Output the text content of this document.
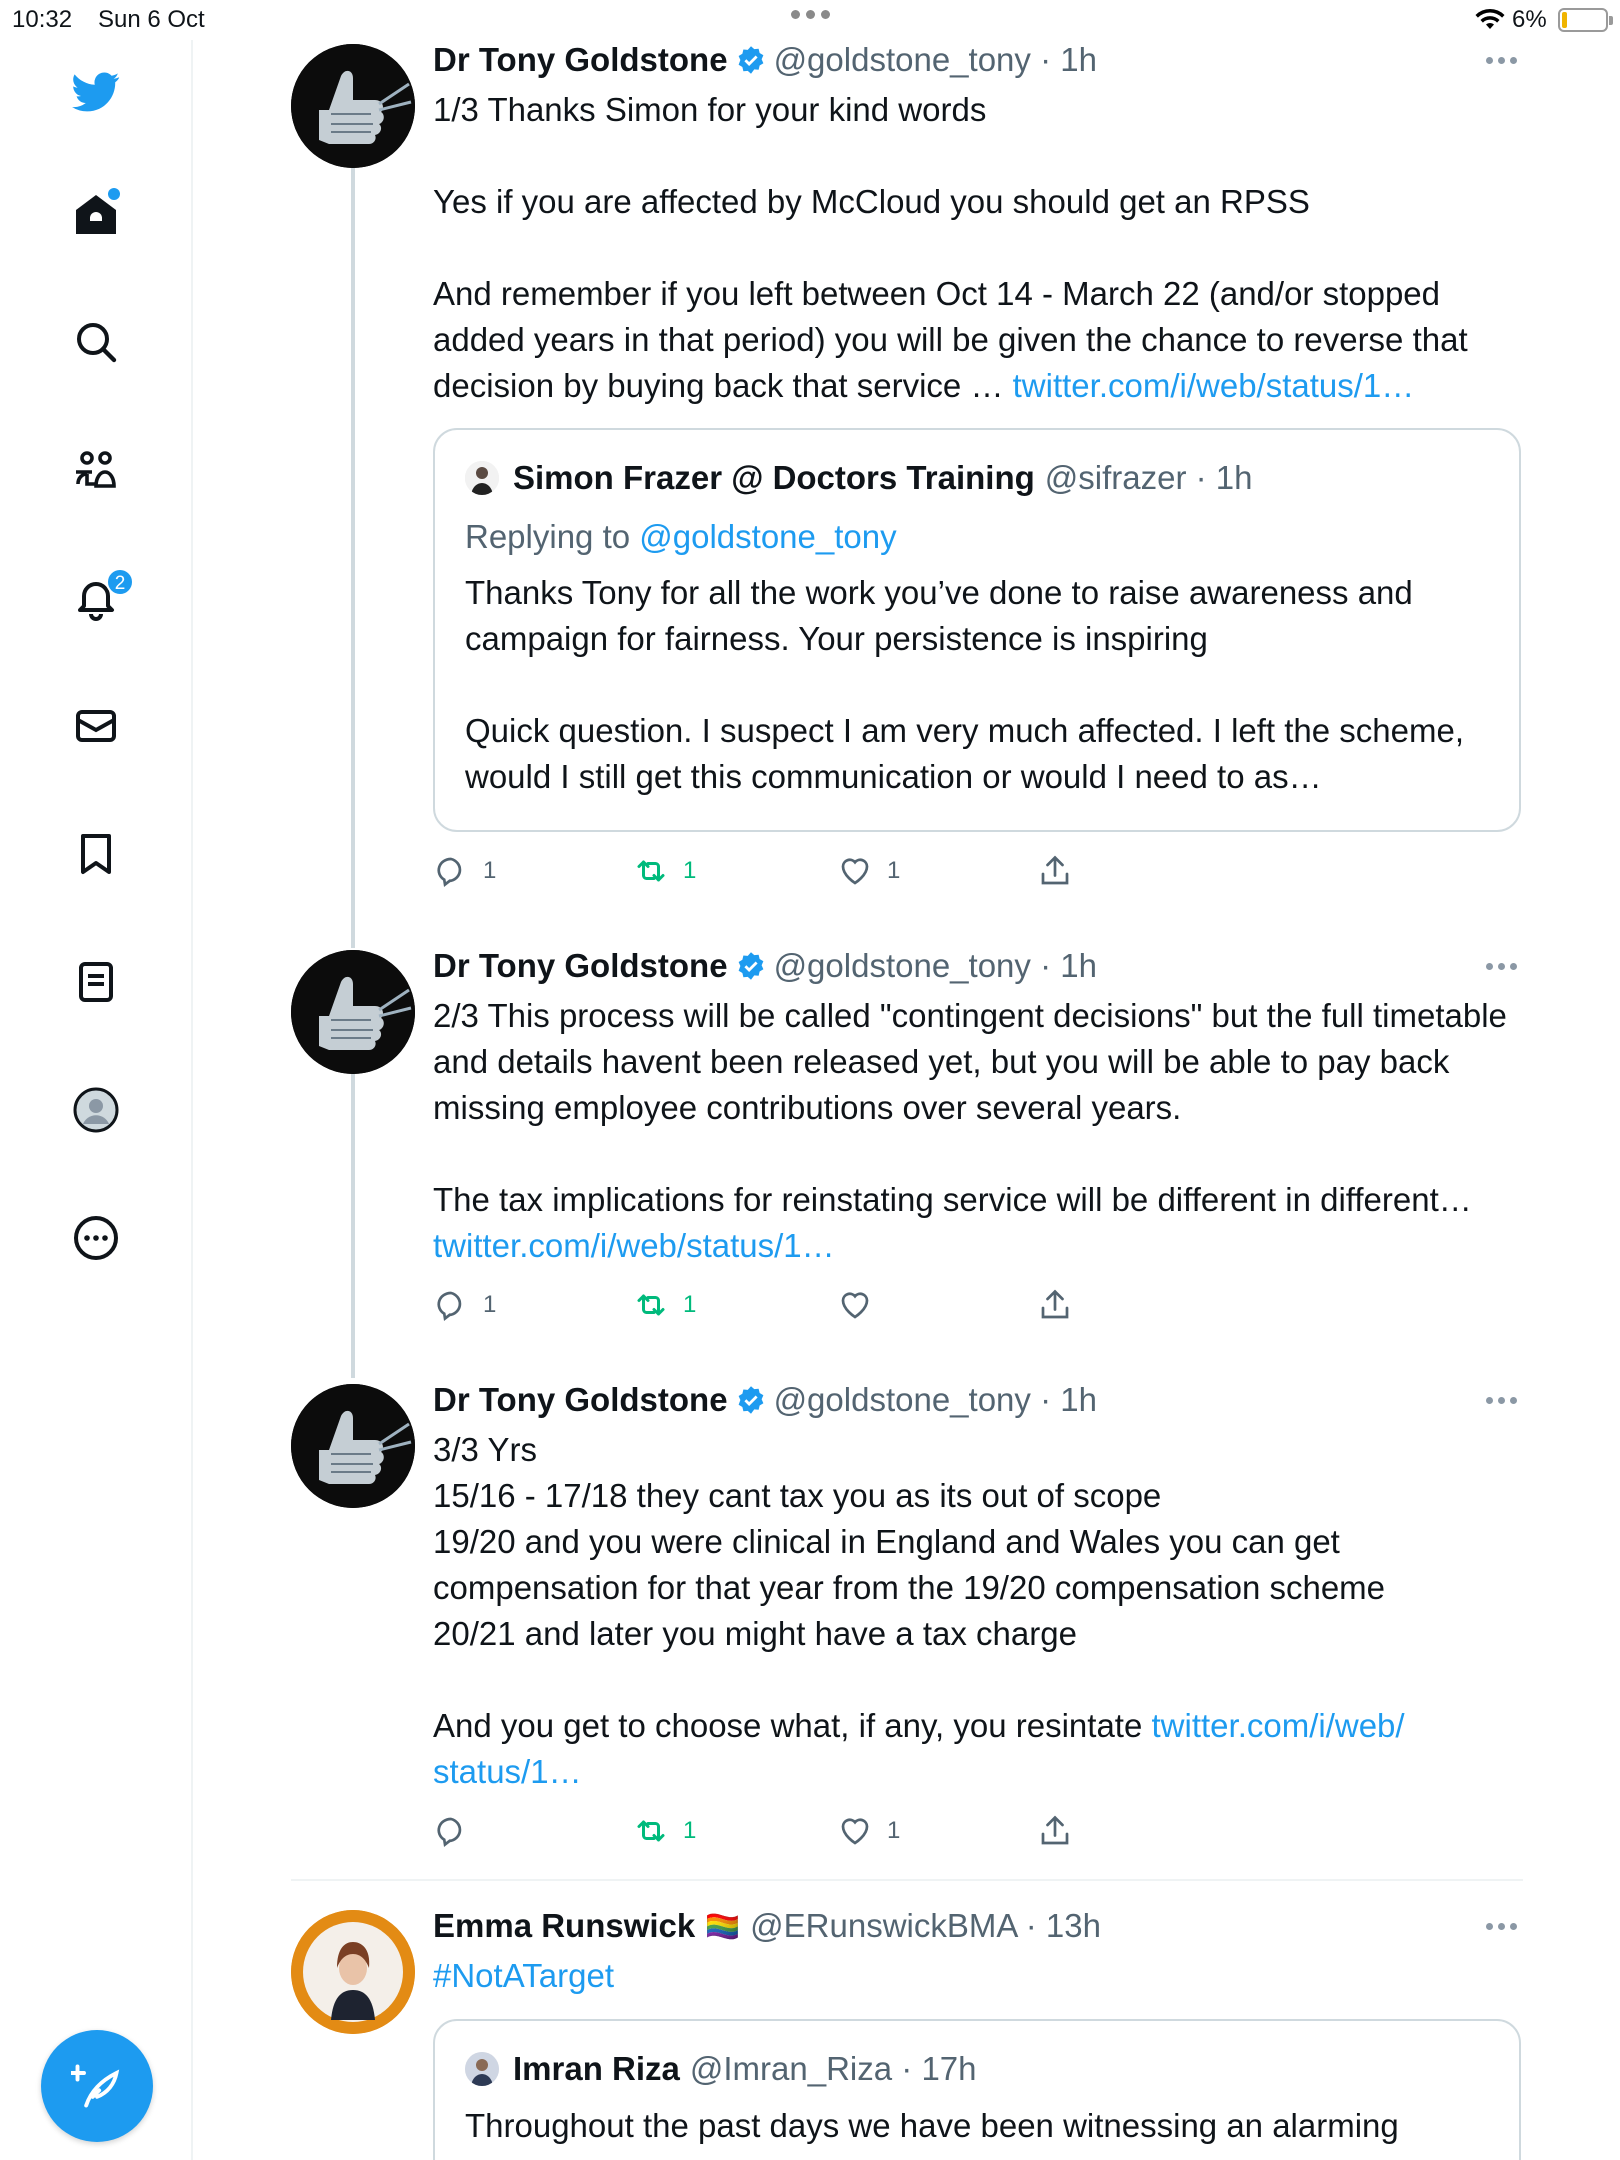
10:32 Sun 6 Oct	6%
2
Dr Tony Goldstone @goldstone_tony · 1h
1/3 Thanks Simon for your kind words

Yes if you are affected by McCloud you should get an RPSS

And remember if you left between Oct 14 - March 22 (and/or stopped added years in that period) you will be given the chance to reverse that decision by buying back that service … twitter.com/i/web/status/1…
Simon Frazer @ Doctors Training @sifrazer · 1h
Replying to @goldstone_tony
Thanks Tony for all the work you’ve done to raise awareness and campaign for fairness. Your persistence is inspiring

Quick question. I suspect I am very much affected. I left the scheme, would I still get this communication or would I need to as…
1	1	1
Dr Tony Goldstone @goldstone_tony · 1h
2/3 This process will be called "contingent decisions" but the full timetable and details havent been released yet, but you will be able to pay back missing employee contributions over several years.

The tax implications for reinstating service will be different in different… twitter.com/i/web/status/1…
1	1
Dr Tony Goldstone @goldstone_tony · 1h
3/3 Yrs
15/16 - 17/18 they cant tax you as its out of scope
19/20 and you were clinical in England and Wales you can get compensation for that year from the 19/20 compensation scheme
20/21 and later you might have a tax charge

And you get to choose what, if any, you resintate twitter.com/i/web/
status/1…
1	1
Emma Runswick 🏳️‍🌈 @ERunswickBMA · 13h
#NotATarget
Imran Riza @Imran_Riza · 17h
Throughout the past days we have been witnessing an alarming
